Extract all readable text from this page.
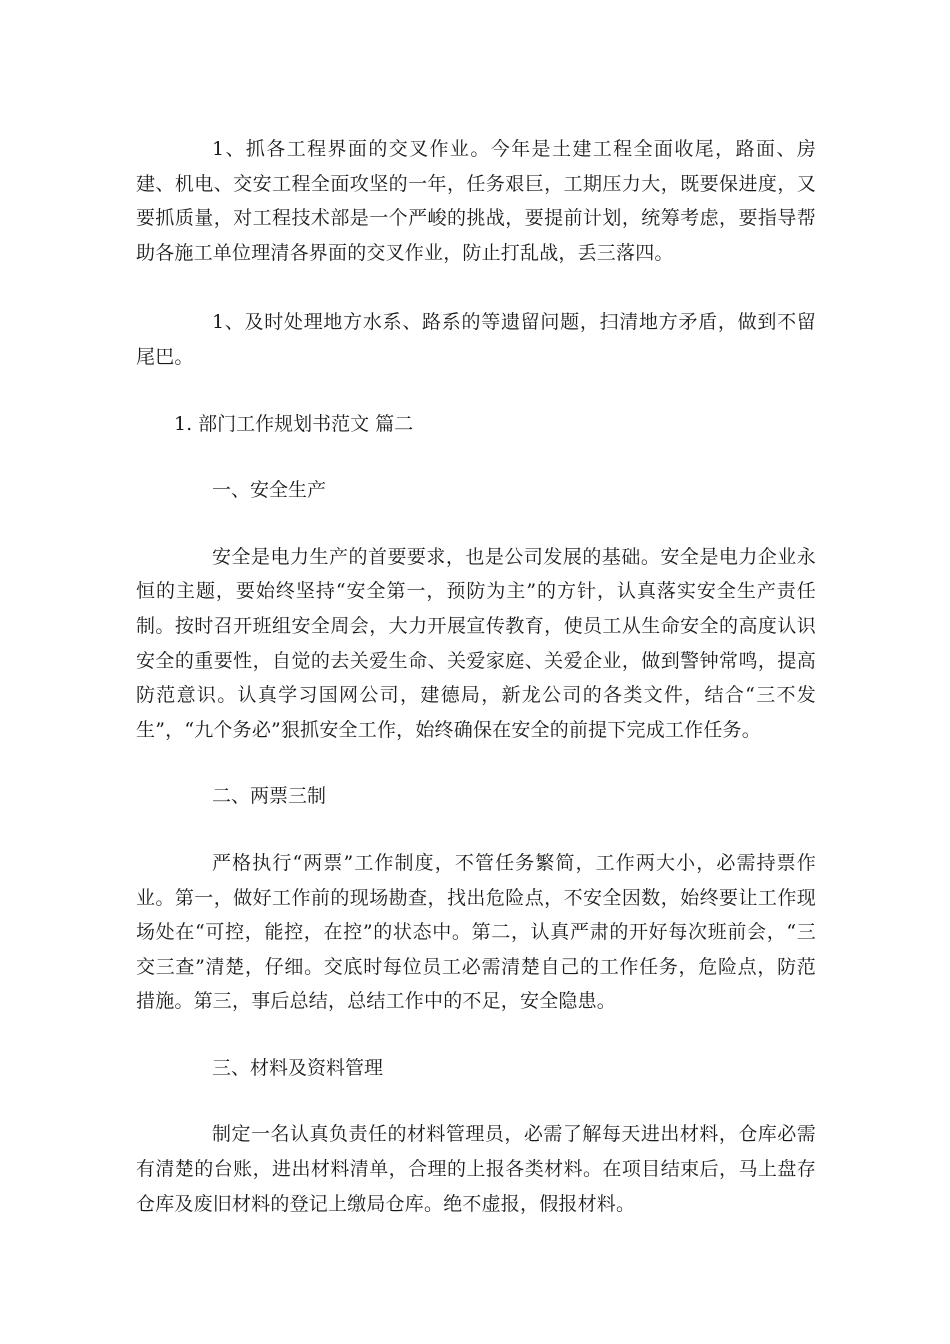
1、抓各工程界面的交叉作业。今年是土建工程全面收尾，路面、房建、机电、交安工程全面攻坚的一年，任务艰巨，工期压力大，既要保进度，又要抓质量，对工程技术部是一个严峻的挑战，要提前计划，统筹考虑，要指导帮助各施工单位理清各界面的交叉作业，防止打乱战，丢三落四。

1、及时处理地方水系、路系的等遗留问题，扫清地方矛盾，做到不留尾巴。

1. 部门工作规划书范文 篇二

一、安全生产

安全是电力生产的首要要求，也是公司发展的基础。安全是电力企业永恒的主题，要始终坚持“安全第一，预防为主”的方针，认真落实安全生产责任制。按时召开班组安全周会，大力开展宣传教育，使员工从生命安全的高度认识安全的重要性，自觉的去关爱生命、关爱家庭、关爱企业，做到警钟常鸣，提高防范意识。认真学习国网公司，建德局，新龙公司的各类文件，结合“三不发生”，“九个务必”狠抓安全工作，始终确保在安全的前提下完成工作任务。

二、两票三制

严格执行“两票”工作制度，不管任务繁简，工作两大小，必需持票作业。第一，做好工作前的现场勘查，找出危险点，不安全因数，始终要让工作现场处在“可控，能控，在控”的状态中。第二，认真严肃的开好每次班前会，“三交三查”清楚，仔细。交底时每位员工必需清楚自己的工作任务，危险点，防范措施。第三，事后总结，总结工作中的不足，安全隐患。

三、材料及资料管理

制定一名认真负责任的材料管理员，必需了解每天进出材料，仓库必需有清楚的台账，进出材料清单，合理的上报各类材料。在项目结束后，马上盘存仓库及废旧材料的登记上缴局仓库。绝不虚报，假报材料。
